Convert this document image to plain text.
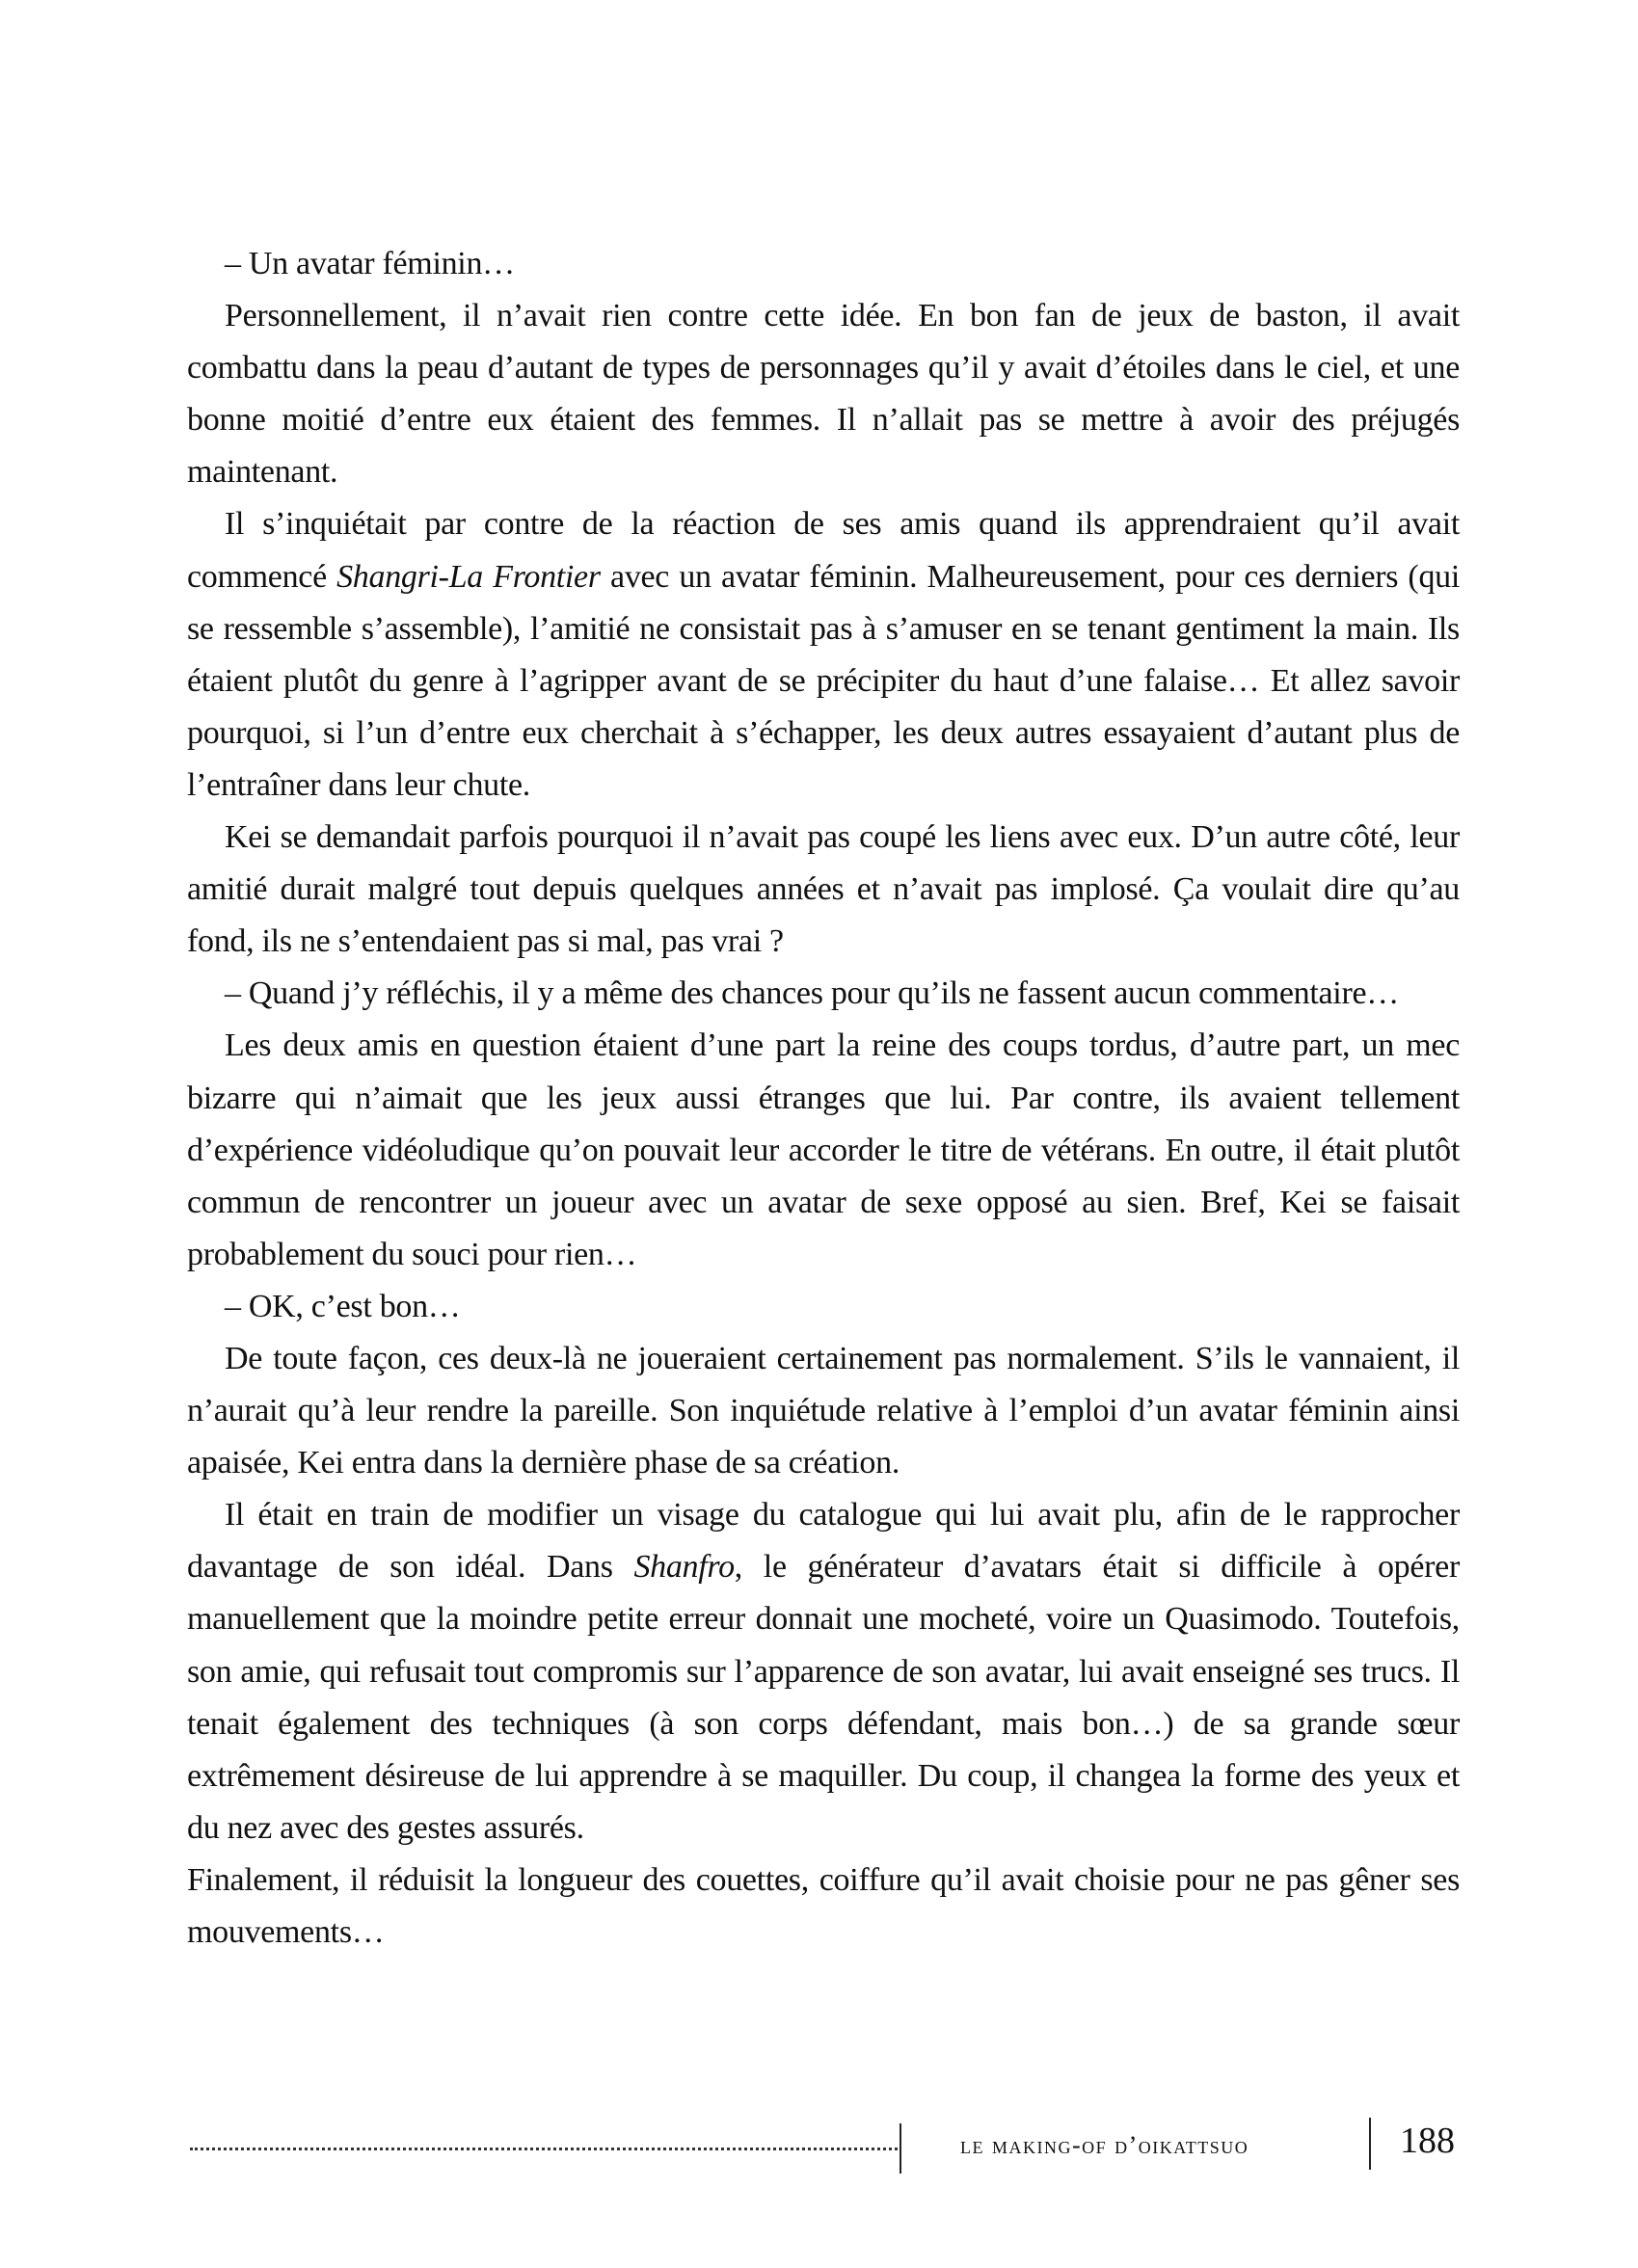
– Un avatar féminin…

Personnellement, il n’avait rien contre cette idée. En bon fan de jeux de baston, il avait combattu dans la peau d’autant de types de personnages qu’il y avait d’étoiles dans le ciel, et une bonne moitié d’entre eux étaient des femmes. Il n’allait pas se mettre à avoir des préjugés maintenant.

Il s’inquiétait par contre de la réaction de ses amis quand ils apprendraient qu’il avait commencé Shangri-La Frontier avec un avatar féminin. Malheureusement, pour ces derniers (qui se ressemble s’assemble), l’amitié ne consistait pas à s’amuser en se tenant gentiment la main. Ils étaient plutôt du genre à l’agripper avant de se précipiter du haut d’une falaise… Et allez savoir pourquoi, si l’un d’entre eux cherchait à s’échapper, les deux autres essayaient d’autant plus de l’entraîner dans leur chute.

Kei se demandait parfois pourquoi il n’avait pas coupé les liens avec eux. D’un autre côté, leur amitié durait malgré tout depuis quelques années et n’avait pas implosé. Ça voulait dire qu’au fond, ils ne s’entendaient pas si mal, pas vrai ?

– Quand j’y réfléchis, il y a même des chances pour qu’ils ne fassent aucun commentaire…

Les deux amis en question étaient d’une part la reine des coups tordus, d’autre part, un mec bizarre qui n’aimait que les jeux aussi étranges que lui. Par contre, ils avaient tellement d’expérience vidéoludique qu’on pouvait leur accorder le titre de vétérans. En outre, il était plutôt commun de rencontrer un joueur avec un avatar de sexe opposé au sien. Bref, Kei se faisait probablement du souci pour rien…

– OK, c’est bon…

De toute façon, ces deux-là ne joueraient certainement pas normalement. S’ils le vannaient, il n’aurait qu’à leur rendre la pareille. Son inquiétude relative à l’emploi d’un avatar féminin ainsi apaisée, Kei entra dans la dernière phase de sa création.

Il était en train de modifier un visage du catalogue qui lui avait plu, afin de le rapprocher davantage de son idéal. Dans Shanfro, le générateur d’avatars était si difficile à opérer manuellement que la moindre petite erreur donnait une mocheté, voire un Quasimodo. Toutefois, son amie, qui refusait tout compromis sur l’apparence de son avatar, lui avait enseigné ses trucs. Il tenait également des techniques (à son corps défendant, mais bon…) de sa grande sœur extrêmement désireuse de lui apprendre à se maquiller. Du coup, il changea la forme des yeux et du nez avec des gestes assurés.

Finalement, il réduisit la longueur des couettes, coiffure qu’il avait choisie pour ne pas gêner ses mouvements…

le making-of d’oikattsuo	188
